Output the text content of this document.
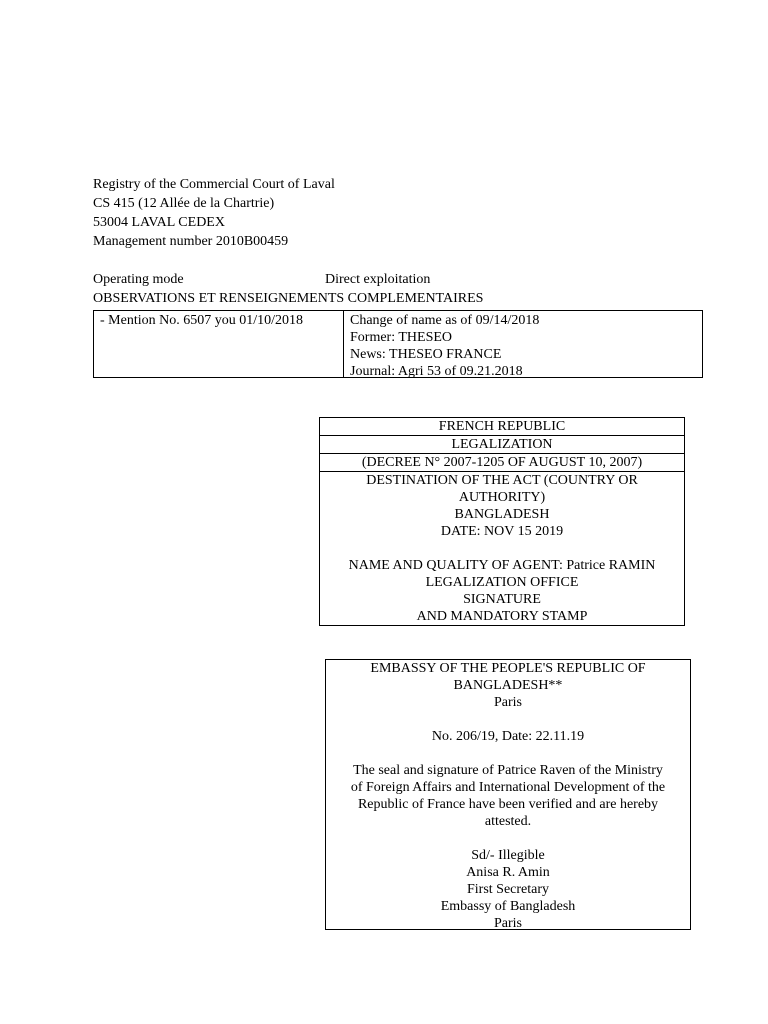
Registry of the Commercial Court of Laval
CS 415 (12 Allée de la Chartrie)
53004 LAVAL CEDEX
Management number 2010B00459
Operating mode	Direct exploitation
OBSERVATIONS ET RENSEIGNEMENTS COMPLEMENTAIRES
- Mention No. 6507 you 01/10/2018	Change of name as of 09/14/2018
Former: THESEO
News: THESEO FRANCE
Journal: Agri 53 of 09.21.2018
FRENCH REPUBLIC
LEGALIZATION
(DECREE N° 2007-1205 OF AUGUST 10, 2007)
DESTINATION OF THE ACT (COUNTRY OR
AUTHORITY)
BANGLADESH
DATE: NOV 15 2019
NAME AND QUALITY OF AGENT: Patrice RAMIN
LEGALIZATION OFFICE
SIGNATURE
AND MANDATORY STAMP
EMBASSY OF THE PEOPLE'S REPUBLIC OF
BANGLADESH**
Paris
No. 206/19, Date: 22.11.19
The seal and signature of Patrice Raven of the Ministry
of Foreign Affairs and International Development of the
Republic of France have been verified and are hereby
attested.
Sd/- Illegible
Anisa R. Amin
First Secretary
Embassy of Bangladesh
Paris
